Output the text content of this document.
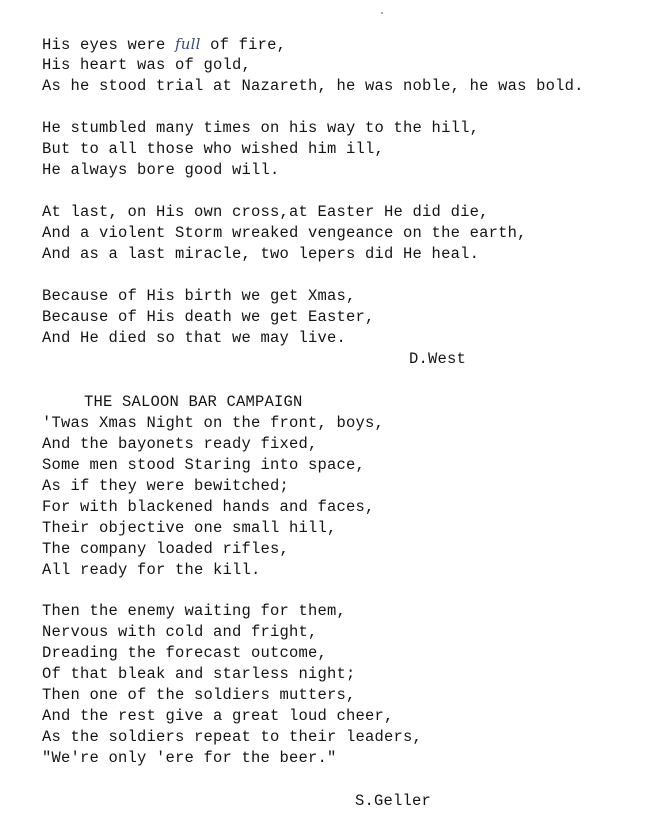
His eyes were full of fire,
His heart was of gold,
As he stood trial at Nazareth, he was noble, he was bold.
He stumbled many times on his way to the hill,
But to all those who wished him ill,
He always bore good will.
At last, on His own cross,at Easter He did die,
And a violent Storm wreaked vengeance on the earth,
And as a last miracle, two lepers did He heal.
Because of His birth we get Xmas,
Because of His death we get Easter,
And He died so that we may live.
D.West
THE SALOON BAR CAMPAIGN
'Twas Xmas Night on the front, boys,
And the bayonets ready fixed,
Some men stood Staring into space,
As if they were bewitched;
For with blackened hands and faces,
Their objective one small hill,
The company loaded rifles,
All ready for the kill.
Then the enemy waiting for them,
Nervous with cold and fright,
Dreading the forecast outcome,
Of that bleak and starless night;
Then one of the soldiers mutters,
And the rest give a great loud cheer,
As the soldiers repeat to their leaders,
"We're only 'ere for the beer."
S.Geller
